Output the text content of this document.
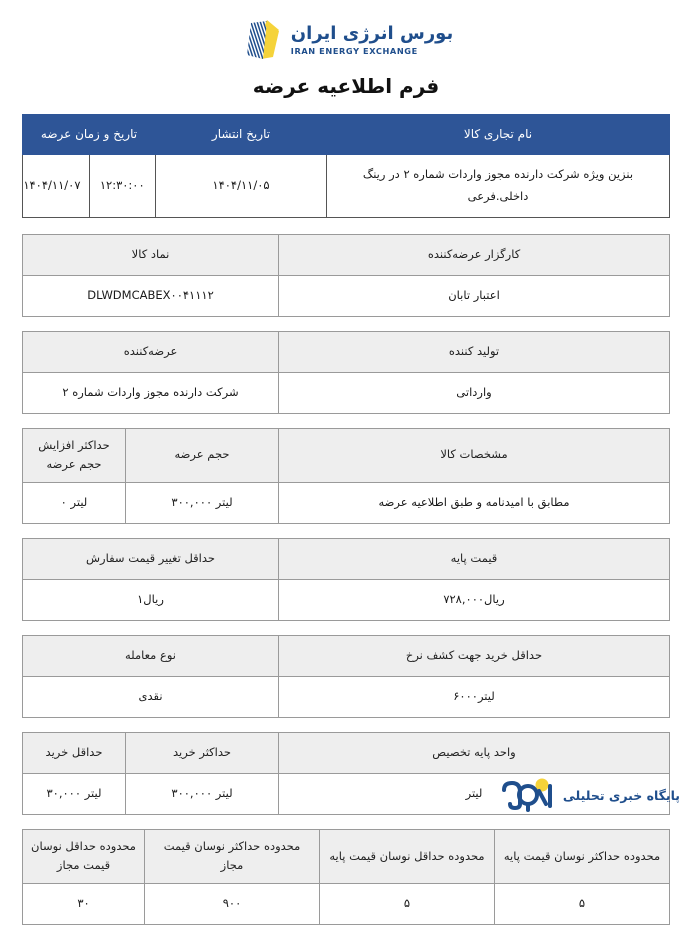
بورس انرژی ایران
IRAN ENERGY EXCHANGE
فرم اطلاعیه عرضه
نام تجاری کالا	تاریخ انتشار	تاریخ و زمان عرضه	
بنزین ویژه شرکت دارنده مجوز واردات شماره ۲ در رینگ داخلی.فرعی	۱۴۰۴/۱۱/۰۵	۱۲:۳۰:۰۰	۱۴۰۴/۱۱/۰۷
کارگزار عرضه‌کننده	نماد کالا
اعتبار تابان	DLWDMCABEX۰۰۴۱۱۱۲
تولید کننده	عرضه‌کننده
وارداتی	شرکت دارنده مجوز واردات شماره ۲
مشخصات کالا	حجم عرضه	حداکثر افزایش حجم عرضه
مطابق با امیدنامه و طبق اطلاعیه عرضه	لیتر ۳۰۰,۰۰۰	لیتر ۰
قیمت پایه	حداقل تغییر قیمت سفارش
ریال۷۲۸,۰۰۰	ریال۱
حداقل خرید جهت کشف نرخ	نوع معامله
لیتر۶۰۰۰	نقدی
واحد پایه تخصیص	حداکثر خرید	حداقل خرید
لیتر	لیتر ۳۰۰,۰۰۰	لیتر ۳۰,۰۰۰
محدوده حداکثر نوسان قیمت پایه	محدوده حداقل نوسان قیمت پایه	محدوده حداکثر نوسان قیمت مجاز	محدوده حداقل نوسان قیمت مجاز
۵	۵	۹۰۰	۳۰
پایگاه خبری تحلیلی
